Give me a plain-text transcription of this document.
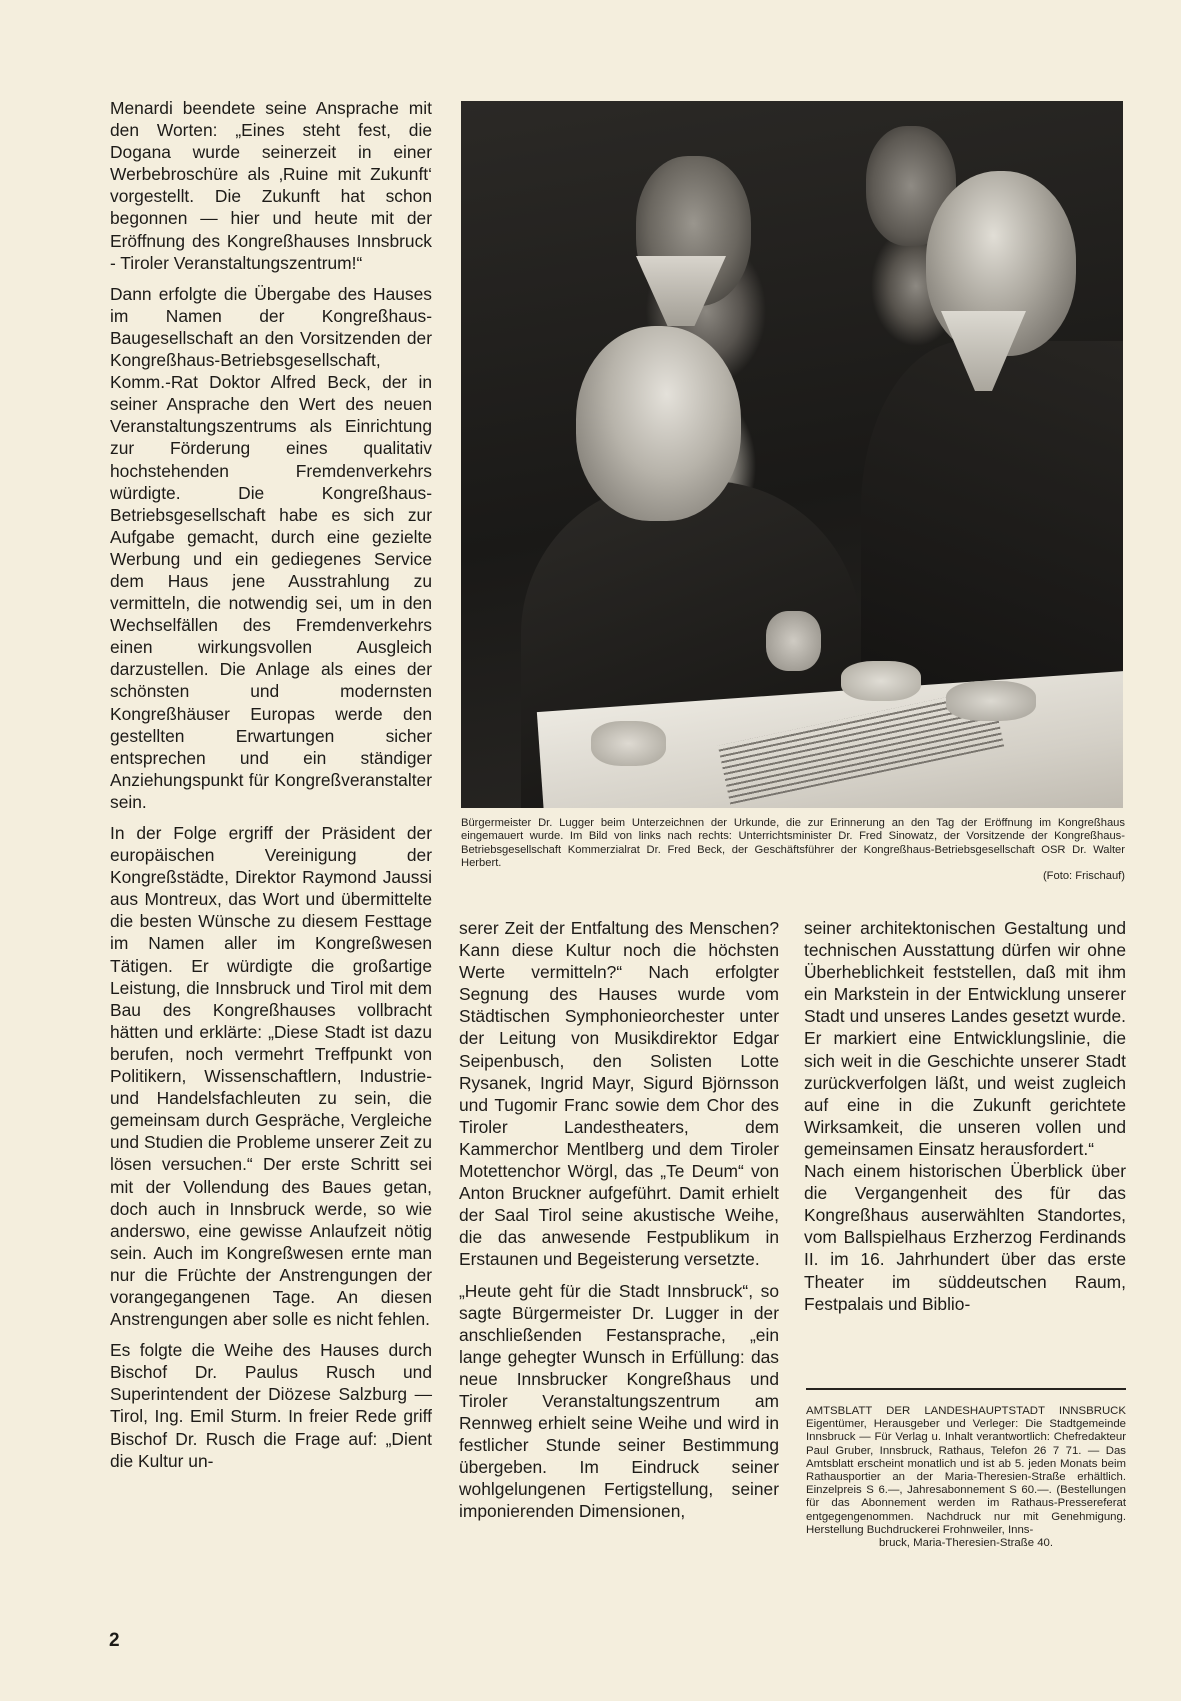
Menardi beendete seine Ansprache mit den Worten: „Eines steht fest, die Dogana wurde seinerzeit in einer Werbebroschüre als ‚Ruine mit Zukunft‘ vorgestellt. Die Zukunft hat schon begonnen — hier und heute mit der Eröffnung des Kongreßhauses Innsbruck - Tiroler Veranstaltungszentrum!“

Dann erfolgte die Übergabe des Hauses im Namen der Kongreßhaus-Baugesellschaft an den Vorsitzenden der Kongreßhaus-Betriebsgesellschaft, Komm.-Rat Doktor Alfred Beck, der in seiner Ansprache den Wert des neuen Veranstaltungszentrums als Einrichtung zur Förderung eines qualitativ hochstehenden Fremdenverkehrs würdigte. Die Kongreßhaus-Betriebsgesellschaft habe es sich zur Aufgabe gemacht, durch eine gezielte Werbung und ein gediegenes Service dem Haus jene Ausstrahlung zu vermitteln, die notwendig sei, um in den Wechselfällen des Fremdenverkehrs einen wirkungsvollen Ausgleich darzustellen. Die Anlage als eines der schönsten und modernsten Kongreßhäuser Europas werde den gestellten Erwartungen sicher entsprechen und ein ständiger Anziehungspunkt für Kongreßveranstalter sein.

In der Folge ergriff der Präsident der europäischen Vereinigung der Kongreßstädte, Direktor Raymond Jaussi aus Montreux, das Wort und übermittelte die besten Wünsche zu diesem Festtage im Namen aller im Kongreßwesen Tätigen. Er würdigte die großartige Leistung, die Innsbruck und Tirol mit dem Bau des Kongreßhauses vollbracht hätten und erklärte: „Diese Stadt ist dazu berufen, noch vermehrt Treffpunkt von Politikern, Wissenschaftlern, Industrie- und Handelsfachleuten zu sein, die gemeinsam durch Gespräche, Vergleiche und Studien die Probleme unserer Zeit zu lösen versuchen.“ Der erste Schritt sei mit der Vollendung des Baues getan, doch auch in Innsbruck werde, so wie anderswo, eine gewisse Anlaufzeit nötig sein. Auch im Kongreßwesen ernte man nur die Früchte der Anstrengungen der vorangegangenen Tage. An diesen Anstrengungen aber solle es nicht fehlen.

Es folgte die Weihe des Hauses durch Bischof Dr. Paulus Rusch und Superintendent der Diözese Salzburg — Tirol, Ing. Emil Sturm. In freier Rede griff Bischof Dr. Rusch die Frage auf: „Dient die Kultur un-

Bürgermeister Dr. Lugger beim Unterzeichnen der Urkunde, die zur Erinnerung an den Tag der Eröffnung im Kongreßhaus eingemauert wurde. Im Bild von links nach rechts: Unterrichtsminister Dr. Fred Sinowatz, der Vorsitzende der Kongreßhaus-Betriebsgesellschaft Kommerzialrat Dr. Fred Beck, der Geschäftsführer der Kongreßhaus-Betriebsgesellschaft OSR Dr. Walter Herbert.
(Foto: Frischauf)

serer Zeit der Entfaltung des Menschen? Kann diese Kultur noch die höchsten Werte vermitteln?“ Nach erfolgter Segnung des Hauses wurde vom Städtischen Symphonieorchester unter der Leitung von Musikdirektor Edgar Seipenbusch, den Solisten Lotte Rysanek, Ingrid Mayr, Sigurd Björnsson und Tugomir Franc sowie dem Chor des Tiroler Landestheaters, dem Kammerchor Mentlberg und dem Tiroler Motettenchor Wörgl, das „Te Deum“ von Anton Bruckner aufgeführt. Damit erhielt der Saal Tirol seine akustische Weihe, die das anwesende Festpublikum in Erstaunen und Begeisterung versetzte.

„Heute geht für die Stadt Innsbruck“, so sagte Bürgermeister Dr. Lugger in der anschließenden Festansprache, „ein lange gehegter Wunsch in Erfüllung: das neue Innsbrucker Kongreßhaus und Tiroler Veranstaltungszentrum am Rennweg erhielt seine Weihe und wird in festlicher Stunde seiner Bestimmung übergeben. Im Eindruck seiner wohlgelungenen Fertigstellung, seiner imponierenden Dimensionen,

seiner architektonischen Gestaltung und technischen Ausstattung dürfen wir ohne Überheblichkeit feststellen, daß mit ihm ein Markstein in der Entwicklung unserer Stadt und unseres Landes gesetzt wurde. Er markiert eine Entwicklungslinie, die sich weit in die Geschichte unserer Stadt zurückverfolgen läßt, und weist zugleich auf eine in die Zukunft gerichtete Wirksamkeit, die unseren vollen und gemeinsamen Einsatz herausfordert.“

Nach einem historischen Überblick über die Vergangenheit des für das Kongreßhaus auserwählten Standortes, vom Ballspielhaus Erzherzog Ferdinands II. im 16. Jahrhundert über das erste Theater im süddeutschen Raum, Festpalais und Biblio-

AMTSBLATT DER LANDESHAUPTSTADT INNSBRUCK Eigentümer, Herausgeber und Verleger: Die Stadtgemeinde Innsbruck — Für Verlag u. Inhalt verantwortlich: Chefredakteur Paul Gruber, Innsbruck, Rathaus, Telefon 26 7 71. — Das Amtsblatt erscheint monatlich und ist ab 5. jeden Monats beim Rathausportier an der Maria-Theresien-Straße erhältlich. Einzelpreis S 6.—, Jahresabonnement S 60.—. (Bestellungen für das Abonnement werden im Rathaus-Pressereferat entgegengenommen. Nachdruck nur mit Genehmigung. Herstellung Buchdruckerei Frohnweiler, Inns-
bruck, Maria-Theresien-Straße 40.
2
